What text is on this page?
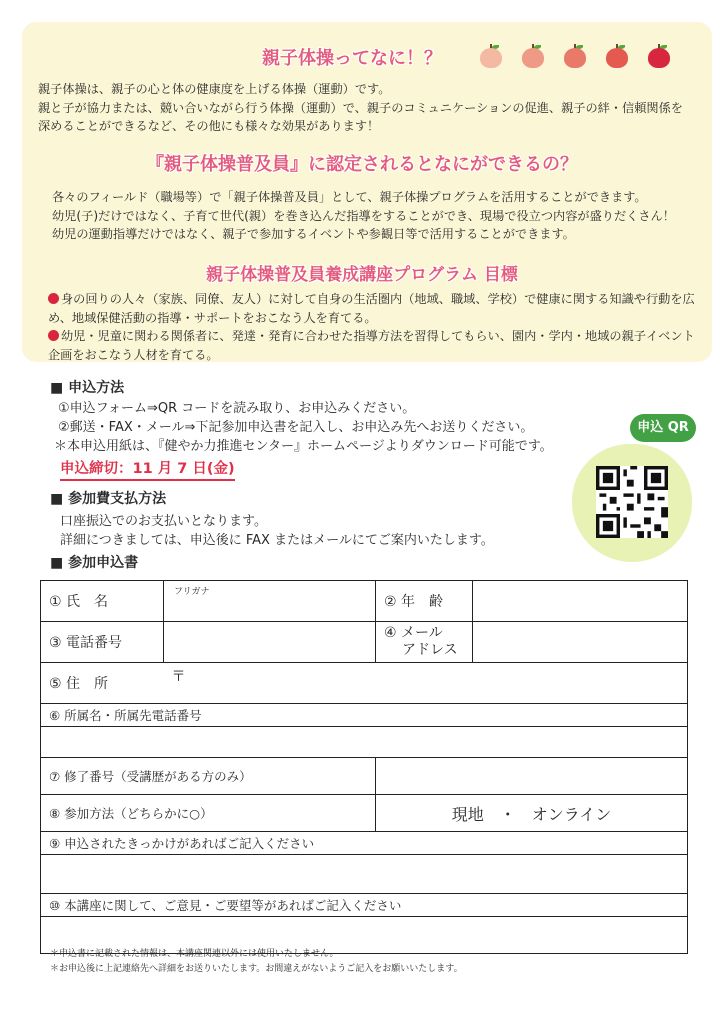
親子体操ってなに！？
親子体操は、親子の心と体の健康度を上げる体操（運動）です。
親と子が協力または、競い合いながら行う体操（運動）で、親子のコミュニケーションの促進、親子の絆・信頼関係を
深めることができるなど、その他にも様々な効果があります！
『親子体操普及員』に認定されるとなにができるの？
各々のフィールド（職場等）で「親子体操普及員」として、親子体操プログラムを活用することができます。
幼児(子)だけではなく、子育て世代(親）を巻き込んだ指導をすることができ、現場で役立つ内容が盛りだくさん！
幼児の運動指導だけではなく、親子で参加するイベントや参観日等で活用することができます。
親子体操普及員養成講座プログラム 目標
身の回りの人々（家族、同僚、友人）に対して自身の生活圏内（地域、職域、学校）で健康に関する知識や行動を広
め、地域保健活動の指導・サポートをおこなう人を育てる。
幼児・児童に関わる関係者に、発達・発育に合わせた指導方法を習得してもらい、園内・学内・地域の親子イベント
企画をおこなう人材を育てる。
■ 申込方法
①申込フォーム⇒QR コードを読み取り、お申込みください。
②郵送・FAX・メール⇒下記参加申込書を記入し、お申込み先へお送りください。
＊本申込用紙は、『健やか力推進センター』ホームページよりダウンロード可能です。
申込締切：11 月 7 日(金)
申込 QR
■ 参加費支払方法
口座振込でのお支払いとなります。
詳細につきましては、申込後に FAX またはメールにてご案内いたします。
■ 参加申込書
① 氏　名	フリガナ	② 年　齢	
③ 電話番号		④ メール
アドレス	

⑤ 住　所	〒		
⑥ 所属名・所属先電話番号			

⑦ 修了番号（受講歴がある方のみ）			
⑧ 参加方法（どちらかに○）		現地　・　オンライン	
⑨ 申込されたきっかけがあればご記入ください			

⑩ 本講座に関して、ご意見・ご要望等があればご記入ください			

＊申込書に記載された情報は、本講座関連以外には使用いたしません。
＊お申込後に上記連絡先へ詳細をお送りいたします。お間違えがないようご記入をお願いいたします。
